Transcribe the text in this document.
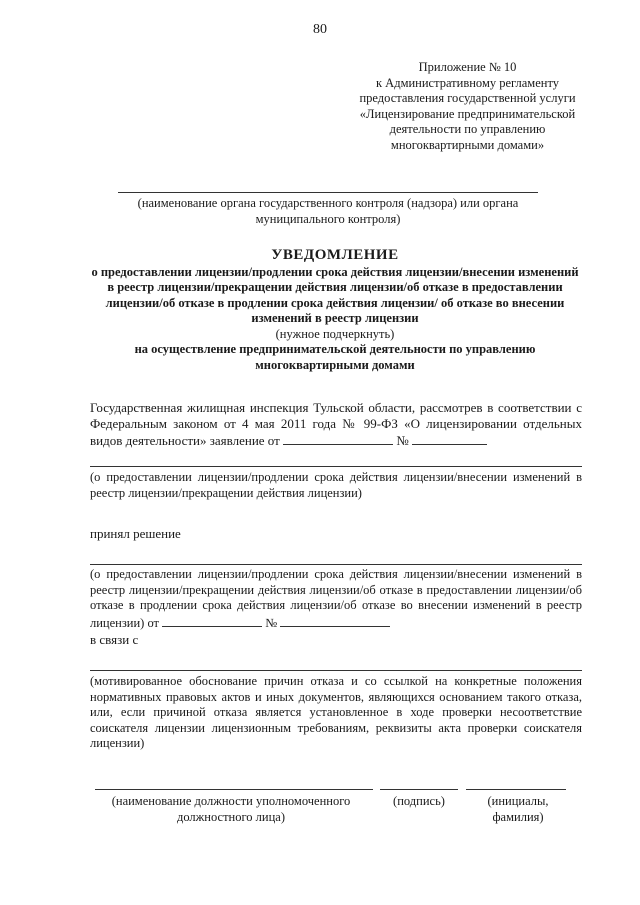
80
Приложение № 10
к Административному регламенту
предоставления государственной услуги
«Лицензирование предпринимательской
деятельности по управлению
многоквартирными домами»
(наименование органа государственного контроля (надзора) или органа муниципального контроля)
УВЕДОМЛЕНИЕ
о предоставлении лицензии/продлении срока действия лицензии/внесении изменений в реестр лицензии/прекращении действия лицензии/об отказе в предоставлении лицензии/об отказе в продлении срока действия лицензии/ об отказе во внесении изменений в реестр лицензии
(нужное подчеркнуть)
на осуществление предпринимательской деятельности по управлению многоквартирными домами
Государственная жилищная инспекция Тульской области, рассмотрев в соответствии с Федеральным законом от 4 мая 2011 года № 99-ФЗ «О лицензировании отдельных видов деятельности» заявление от	№
(о предоставлении лицензии/продлении срока действия лицензии/внесении изменений в реестр лицензии/прекращении действия лицензии)
принял решение
(о предоставлении лицензии/продлении срока действия лицензии/внесении изменений в реестр лицензии/прекращении действия лицензии/об отказе в предоставлении лицензии/об отказе в продлении срока действия лицензии/об отказе во внесении изменений в реестр лицензии) от	№
в связи с
(мотивированное обоснование причин отказа и со ссылкой на конкретные положения нормативных правовых актов и иных документов, являющихся основанием такого отказа, или, если причиной отказа является установленное в ходе проверки несоответствие соискателя лицензии лицензионным требованиям, реквизиты акта проверки соискателя лицензии)
(наименование должности уполномоченного должностного лица)
(подпись)	(инициалы, фамилия)
